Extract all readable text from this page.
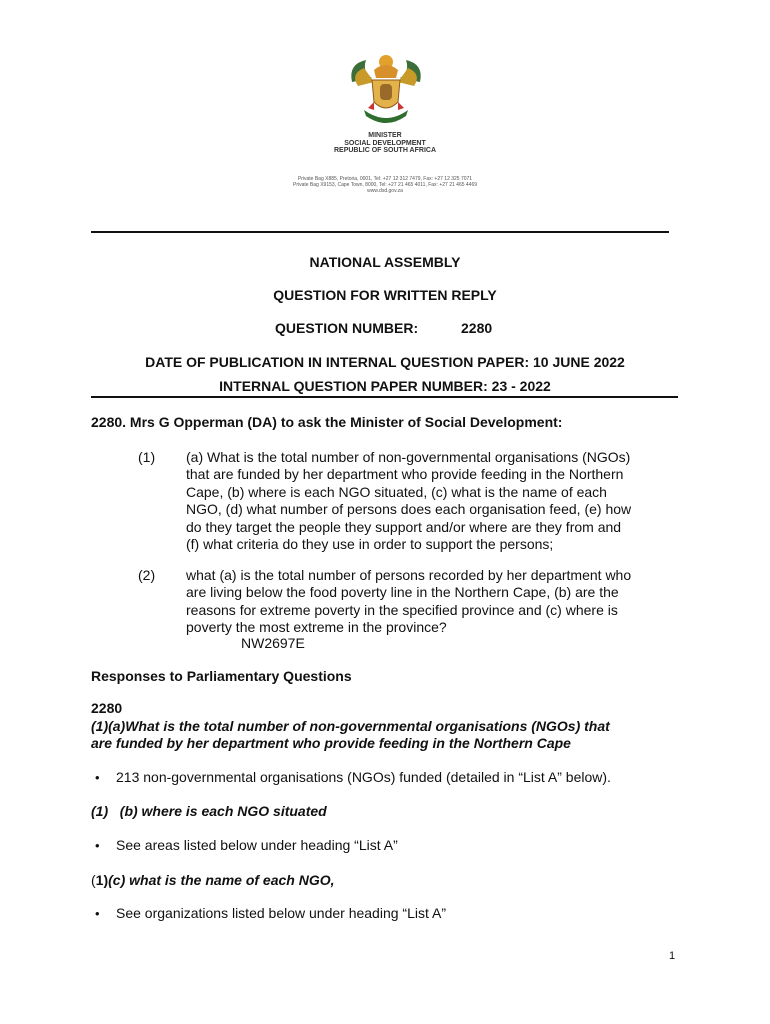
MINISTER
SOCIAL DEVELOPMENT
REPUBLIC OF SOUTH AFRICA
Private Bag X885, Pretoria, 0001, Tel: +27 12 312 7479, Fax: +27 12 325 7071
Private Bag X9153, Cape Town, 8000, Tel: +27 21 465 4011, Fax: +27 21 465 4469
www.dsd.gov.za
NATIONAL ASSEMBLY
QUESTION FOR WRITTEN REPLY
QUESTION NUMBER:	2280
DATE OF PUBLICATION IN INTERNAL QUESTION PAPER: 10 JUNE 2022
INTERNAL QUESTION PAPER NUMBER: 23 - 2022
2280. Mrs G Opperman (DA) to ask the Minister of Social Development:
(1) (a) What is the total number of non-governmental organisations (NGOs)
that are funded by her department who provide feeding in the Northern
Cape, (b) where is each NGO situated, (c) what is the name of each
NGO, (d) what number of persons does each organisation feed, (e) how
do they target the people they support and/or where are they from and
(f) what criteria do they use in order to support the persons;
(2) what (a) is the total number of persons recorded by her department who
are living below the food poverty line in the Northern Cape, (b) are the
reasons for extreme poverty in the specified province and (c) where is
poverty the most extreme in the province?
NW2697E
Responses to Parliamentary Questions
2280
(1)(a)What is the total number of non-governmental organisations (NGOs) that
are funded by her department who provide feeding in the Northern Cape
• 213 non-governmental organisations (NGOs) funded (detailed in “List A” below).
(1)   (b) where is each NGO situated
• See areas listed below under heading “List A”
(1)(c) what is the name of each NGO,
• See organizations listed below under heading “List A”
1
